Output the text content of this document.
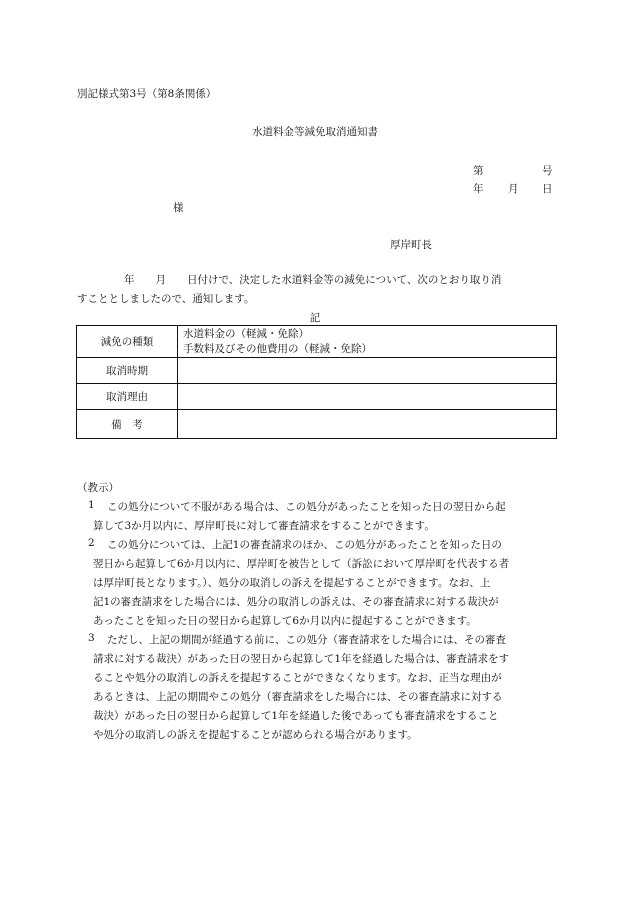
別記様式第3号（第8条関係）
水道料金等減免取消通知書
第	号
年 月 日
様
厚岸町長
年　　月　　日付けで、決定した水道料金等の減免について、次のとおり取り消
すこととしましたので、通知します。
記
減免の種類	水道料金の（軽減・免除）
手数料及びその他費用の（軽減・免除）

取消時期	
取消理由	
備　考	
（教示）
1 この処分について不服がある場合は、この処分があったことを知った日の翌日から起
算して3か月以内に、厚岸町長に対して審査請求をすることができます。
2 この処分については、上記1の審査請求のほか、この処分があったことを知った日の
翌日から起算して6か月以内に、厚岸町を被告として（訴訟において厚岸町を代表する者
は厚岸町長となります。）、処分の取消しの訴えを提起することができます。なお、上
記1の審査請求をした場合には、処分の取消しの訴えは、その審査請求に対する裁決が
あったことを知った日の翌日から起算して6か月以内に提起することができます。
3 ただし、上記の期間が経過する前に、この処分（審査請求をした場合には、その審査
請求に対する裁決）があった日の翌日から起算して1年を経過した場合は、審査請求をす
ることや処分の取消しの訴えを提起することができなくなります。なお、正当な理由が
あるときは、上記の期間やこの処分（審査請求をした場合には、その審査請求に対する
裁決）があった日の翌日から起算して1年を経過した後であっても審査請求をすること
や処分の取消しの訴えを提起することが認められる場合があります。
